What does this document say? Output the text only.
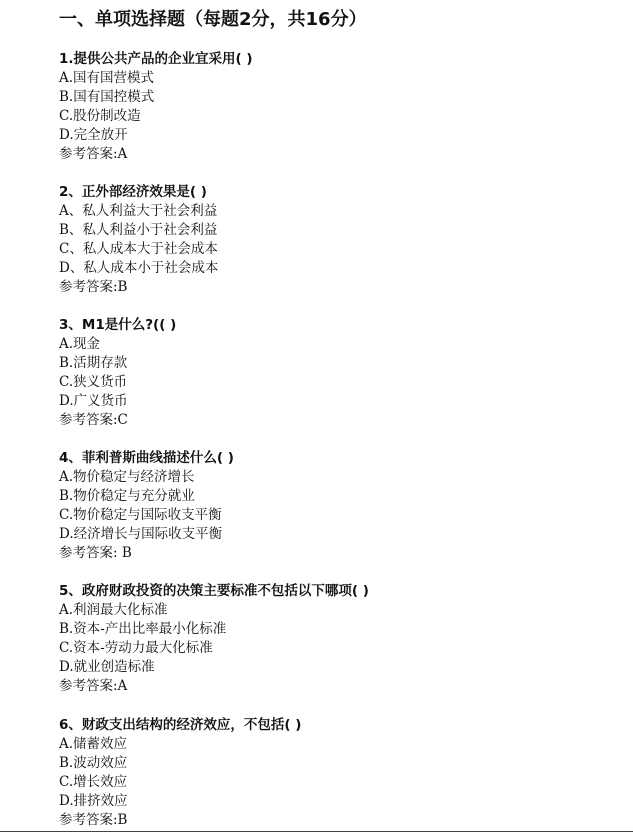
一、单项选择题（每题2分，共16分）
1.提供公共产品的企业宜采用( )
A.国有国营模式
B.国有国控模式
C.股份制改造
D.完全放开
参考答案:A
2、正外部经济效果是( )
A、私人利益大于社会利益
B、私人利益小于社会利益
C、私人成本大于社会成本
D、私人成本小于社会成本
参考答案:B
3、M1是什么?(( )
A.现金
B.活期存款
C.狭义货币
D.广义货币
参考答案:C
4、菲利普斯曲线描述什么( )
A.物价稳定与经济增长
B.物价稳定与充分就业
C.物价稳定与国际收支平衡
D.经济增长与国际收支平衡
参考答案: B
5、政府财政投资的决策主要标准不包括以下哪项( )
A.利润最大化标准
B.资本-产出比率最小化标准
C.资本-劳动力最大化标准
D.就业创造标准
参考答案:A
6、财政支出结构的经济效应，不包括( )
A.储蓄效应
B.波动效应
C.增长效应
D.排挤效应
参考答案:B
